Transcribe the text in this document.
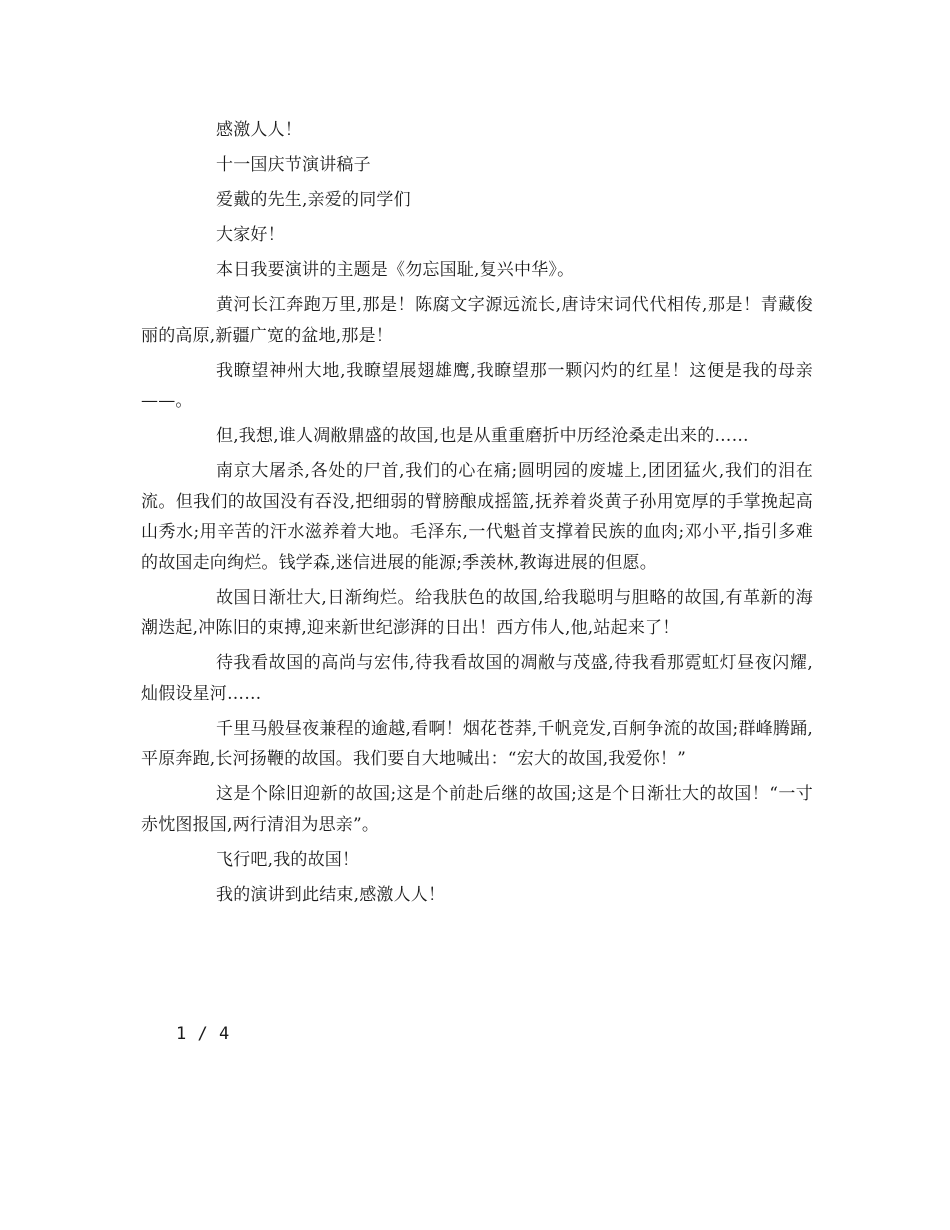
感激人人！

十一国庆节演讲稿子

爱戴的先生,亲爱的同学们

大家好！

本日我要演讲的主题是《勿忘国耻,复兴中华》。

黄河长江奔跑万里,那是！陈腐文字源远流长,唐诗宋词代代相传,那是！青藏俊丽的高原,新疆广宽的盆地,那是！

我瞭望神州大地,我瞭望展翅雄鹰,我瞭望那一颗闪灼的红星！这便是我的母亲——。

但,我想,谁人凋敝鼎盛的故国,也是从重重磨折中历经沧桑走出来的……

南京大屠杀,各处的尸首,我们的心在痛;圆明园的废墟上,团团猛火,我们的泪在流。但我们的故国没有吞没,把细弱的臂膀酿成摇篮,抚养着炎黄子孙用宽厚的手掌挽起高山秀水;用辛苦的汗水滋养着大地。毛泽东,一代魁首支撑着民族的血肉;邓小平,指引多难的故国走向绚烂。钱学森,迷信进展的能源;季羡林,教诲进展的但愿。

故国日渐壮大,日渐绚烂。给我肤色的故国,给我聪明与胆略的故国,有革新的海潮迭起,冲陈旧的束搏,迎来新世纪澎湃的日出！西方伟人,他,站起来了！

待我看故国的高尚与宏伟,待我看故国的凋敝与茂盛,待我看那霓虹灯昼夜闪耀,灿假设星河……

千里马般昼夜兼程的逾越,看啊！烟花苍莽,千帆竞发,百舸争流的故国;群峰腾踊,平原奔跑,长河扬鞭的故国。我们要自大地喊出：“宏大的故国,我爱你！”

这是个除旧迎新的故国;这是个前赴后继的故国;这是个日渐壮大的故国！“一寸赤忱图报国,两行清泪为思亲”。

飞行吧,我的故国！

我的演讲到此结束,感激人人！

1 / 4
